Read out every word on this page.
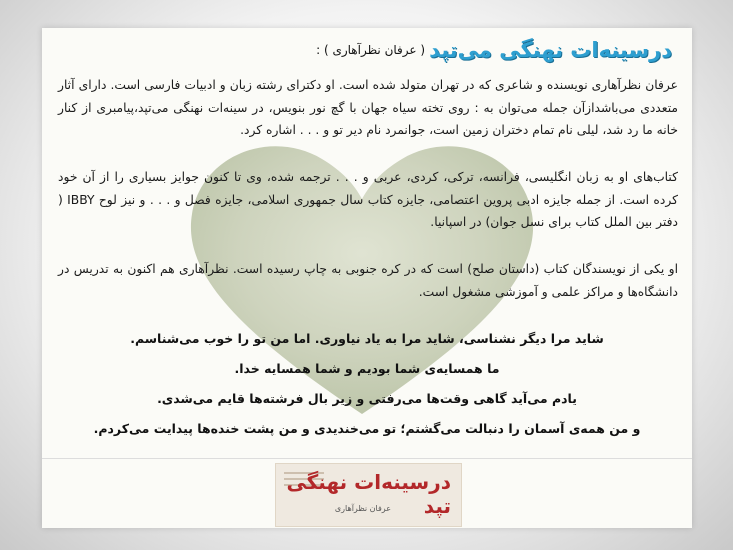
درسینه‌ات نهنگی می‌تپد
( عرفان نظرآهاری ) :

عرفان نظرآهاری نویسنده و شاعری که در تهران متولد شده است. او دکترای رشته زبان و ادبیات فارسی است. دارای آثار متعددی می‌باشدازآن جمله می‌توان به : روی تخته سیاه جهان با گچ نور بنویس، در سینه‌ات نهنگی می‌تپد،پیامبری از کنار خانه ما رد شد، لیلی نام تمام دختران زمین است، جوانمرد نام دیر تو و . . . اشاره کرد.

کتاب‌های او به زبان انگلیسی، فرانسه، ترکی، کردی، عربی و . . . ترجمه شده، وی تا کنون جوایز بسیاری را از آن خود کرده است. از جمله جایزه ادبی پروین اعتصامی، جایزه کتاب سال جمهوری اسلامی، جایزه فصل و . . . و نیز لوح IBBY ( دفتر بین الملل کتاب برای نسل جوان) در اسپانیا.

او یکی از نویسندگان کتاب (داستان صلح) است که در کره جنوبی به چاپ رسیده است. نظرآهاری هم اکنون به تدریس در دانشگاه‌ها و مراکز علمی و آموزشی مشغول است.

شاید مرا دیگر نشناسی، شاید مرا به یاد نیاوری. اما من تو را خوب می‌شناسم.
ما همسایه‌ی شما بودیم و شما همسایه خدا.
یادم می‌آید گاهی وقت‌ها می‌رفتی و زیر بال فرشته‌ها قایم می‌شدی.
و من همه‌ی آسمان را دنبالت می‌گشتم؛ تو می‌خندیدی و من پشت خنده‌ها پیدایت می‌کردم.
درسینه‌ات نهنگی تپد
عرفان نظرآهاری
